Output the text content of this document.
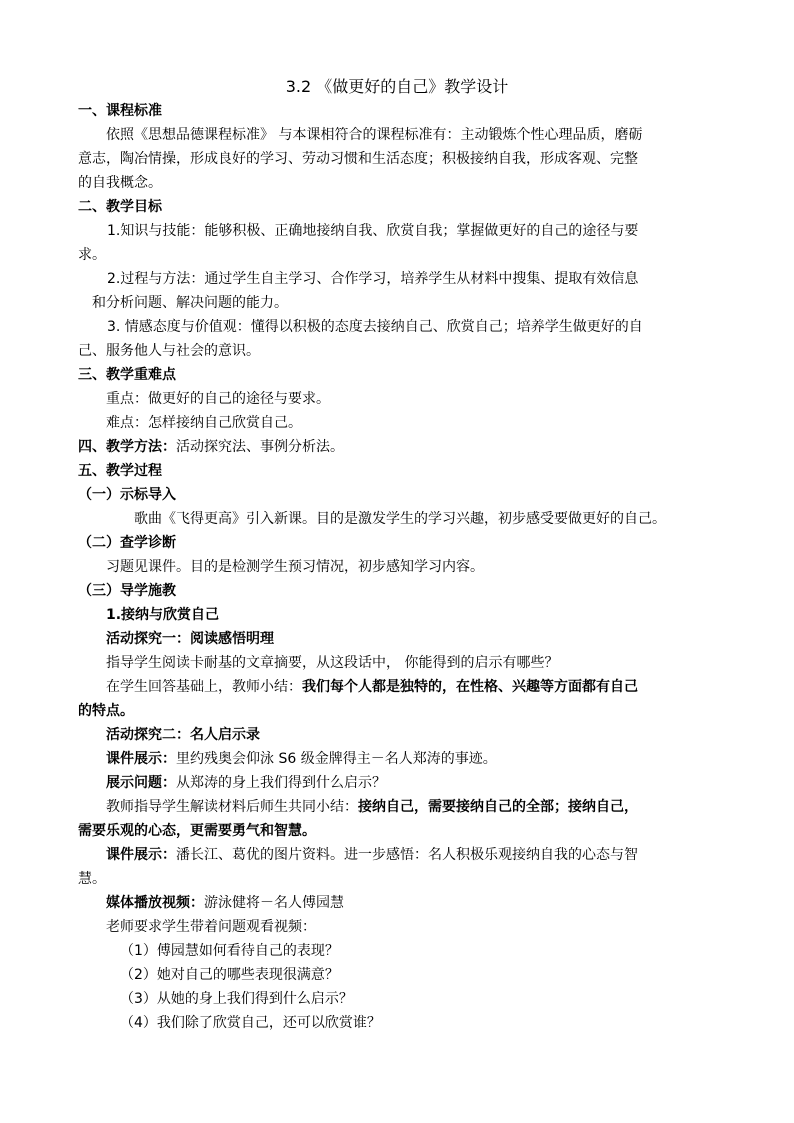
3.2 《做更好的自己》教学设计
一、课程标准
依照《思想品德课程标准》 与本课相符合的课程标准有：主动锻炼个性心理品质，磨砺
意志，陶冶情操，形成良好的学习、劳动习惯和生活态度；积极接纳自我，形成客观、完整
的自我概念。
二、教学目标
1.知识与技能：能够积极、正确地接纳自我、欣赏自我；掌握做更好的自己的途径与要
求。
2.过程与方法：通过学生自主学习、合作学习，培养学生从材料中搜集、提取有效信息
和分析问题、解决问题的能力。
3. 情感态度与价值观：懂得以积极的态度去接纳自己、欣赏自己；培养学生做更好的自
己、服务他人与社会的意识。
三、教学重难点
重点：做更好的自己的途径与要求。
难点：怎样接纳自己欣赏自己。
四、教学方法：活动探究法、事例分析法。
五、教学过程
（一）示标导入
歌曲《飞得更高》引入新课。目的是激发学生的学习兴趣，初步感受要做更好的自己。
（二）查学诊断
习题见课件。目的是检测学生预习情况，初步感知学习内容。
（三）导学施教
1.接纳与欣赏自己
活动探究一：阅读感悟明理
指导学生阅读卡耐基的文章摘要，从这段话中， 你能得到的启示有哪些？
在学生回答基础上，教师小结：我们每个人都是独特的，在性格、兴趣等方面都有自己
的特点。
活动探究二：名人启示录
课件展示：里约残奥会仰泳 S6 级金牌得主－名人郑涛的事迹。
展示问题：从郑涛的身上我们得到什么启示？
教师指导学生解读材料后师生共同小结：接纳自己，需要接纳自己的全部；接纳自己，
需要乐观的心态，更需要勇气和智慧。
课件展示：潘长江、葛优的图片资料。进一步感悟：名人积极乐观接纳自我的心态与智
慧。
媒体播放视频：游泳健将－名人傅园慧
老师要求学生带着问题观看视频：
（1）傅园慧如何看待自己的表现？
（2）她对自己的哪些表现很满意？
（3）从她的身上我们得到什么启示？
（4）我们除了欣赏自己，还可以欣赏谁？
